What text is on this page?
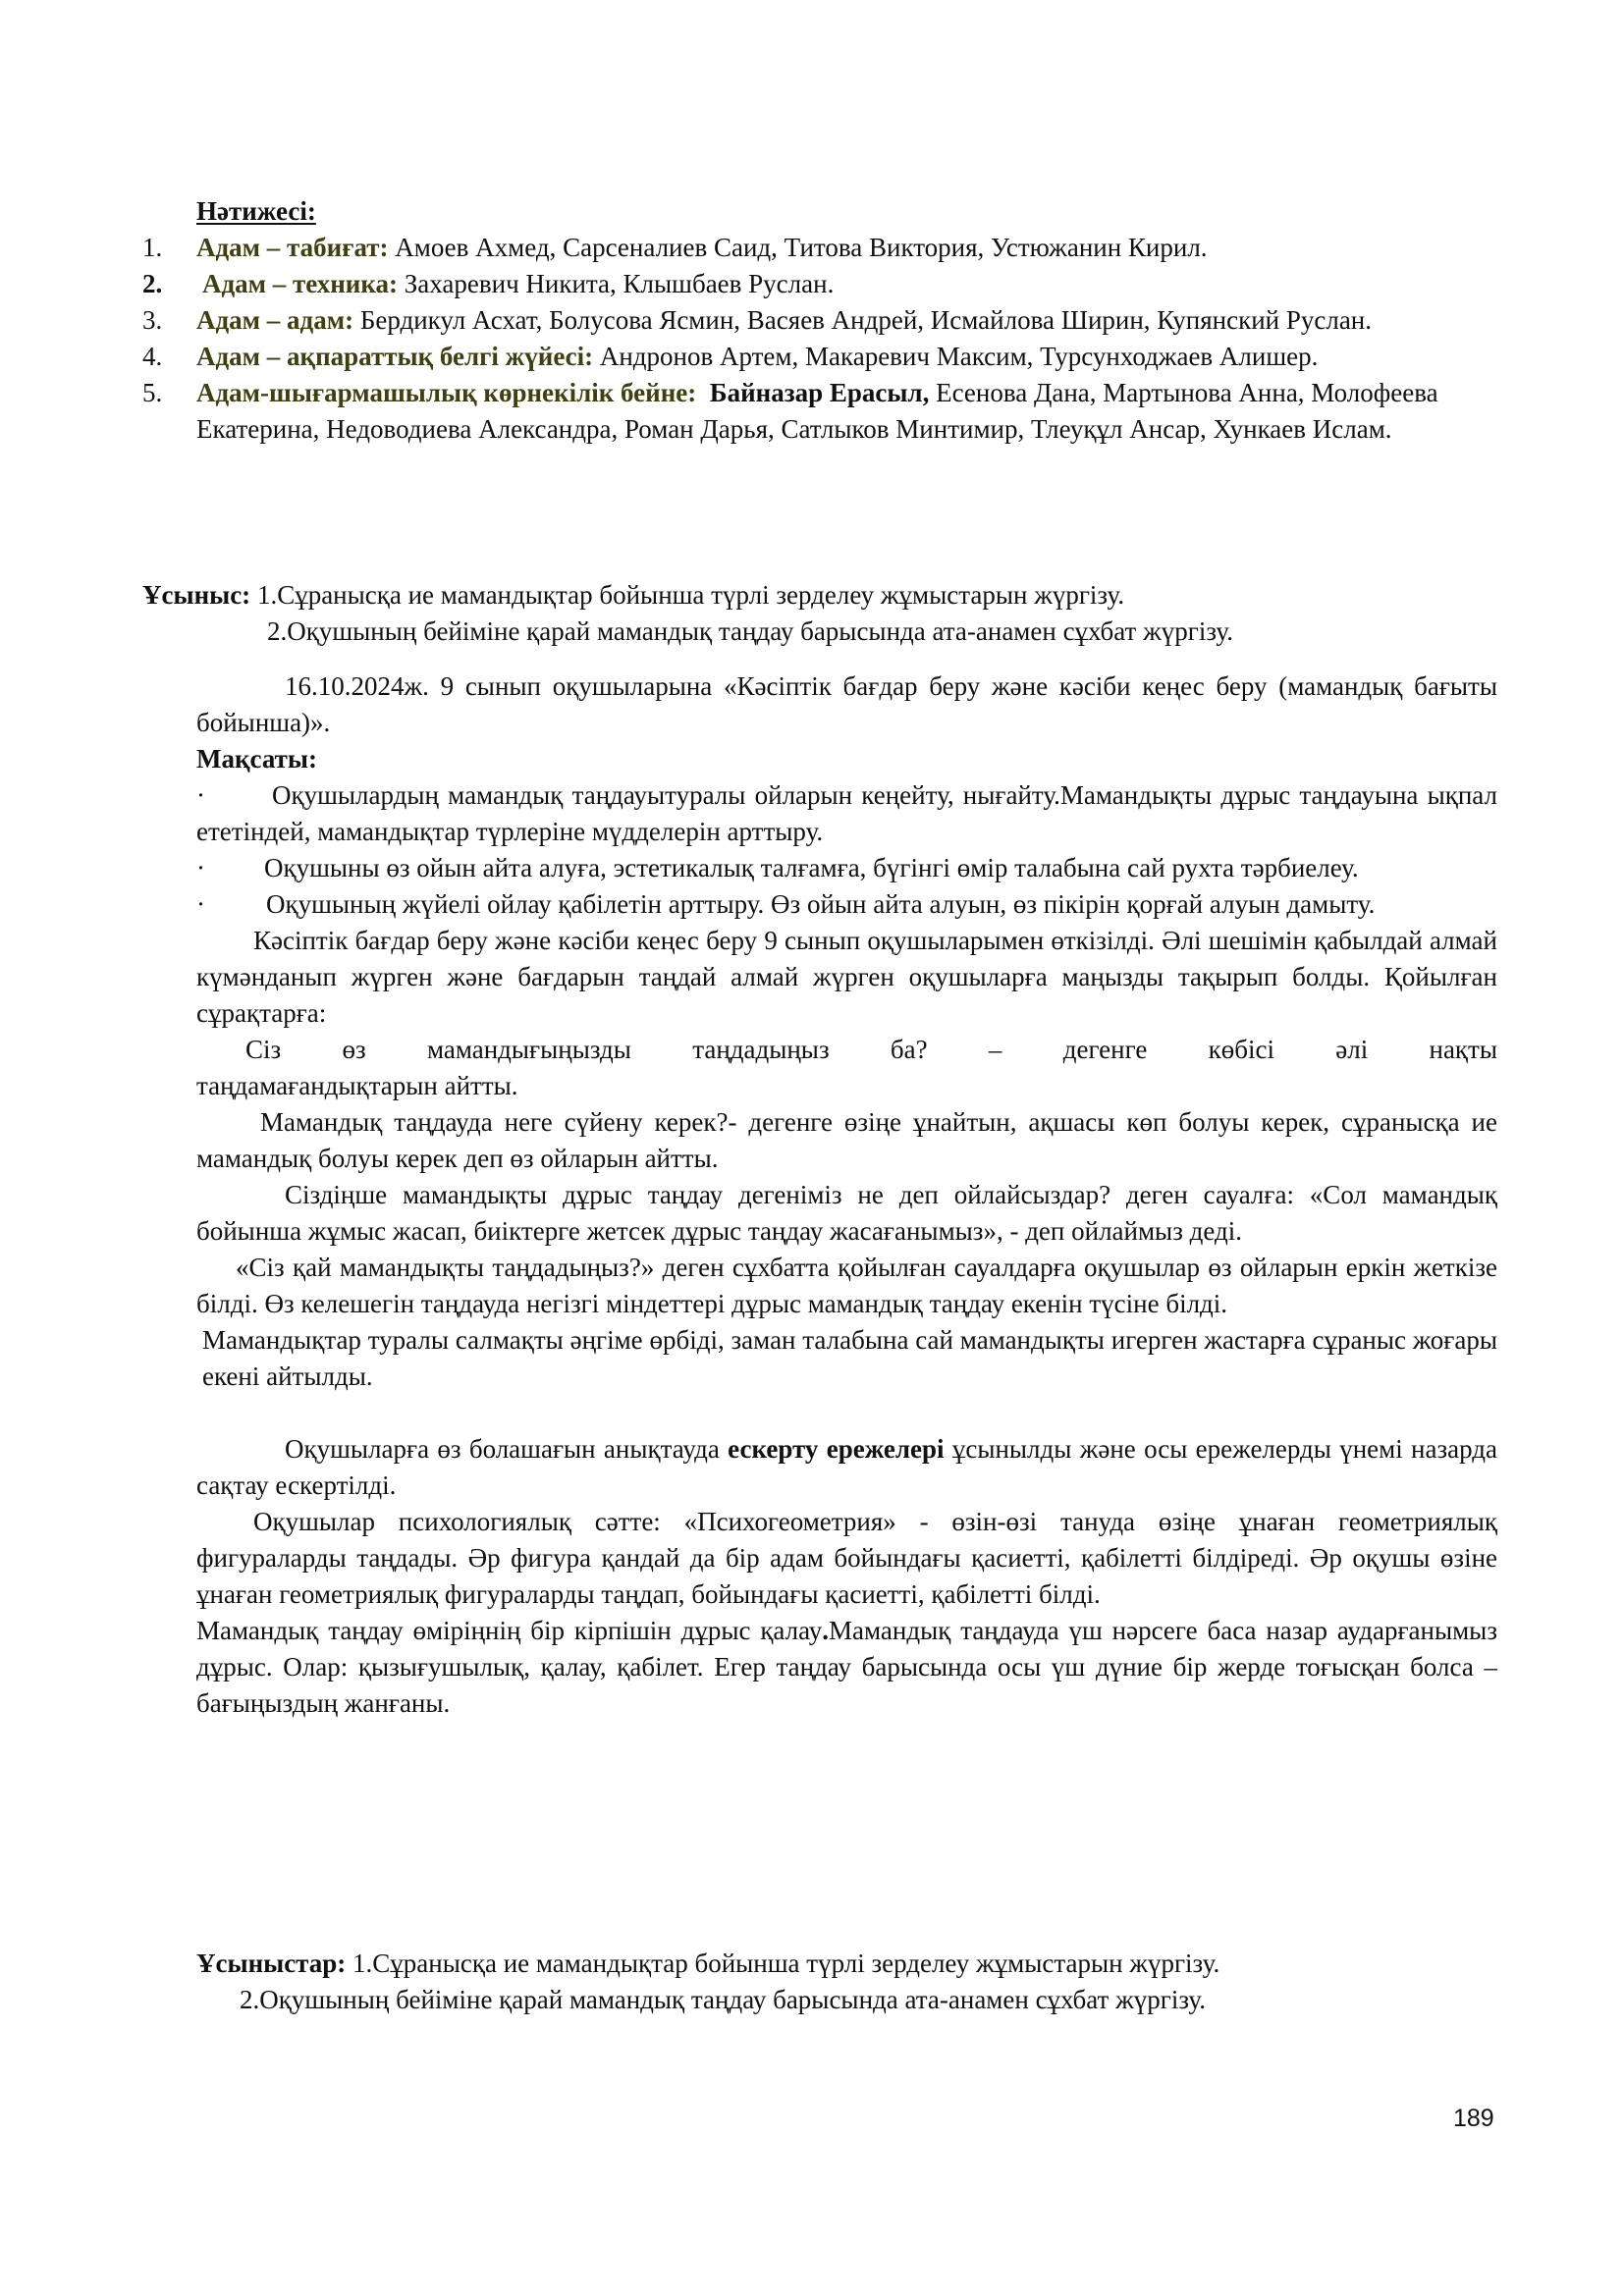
Нәтижесі:

1. Адам – табиғат: Амоев Ахмед, Сарсеналиев Саид, Титова Виктория, Устюжанин Кирил.
2. Адам – техника: Захаревич Никита, Клышбаев Руслан.
3. Адам – адам: Бердикул Асхат, Болусова Ясмин, Васяев Андрей, Исмайлова Ширин, Купянский Руслан.
4. Адам – ақпараттық белгі жүйесі: Андронов Артем, Макаревич Максим, Турсунходжаев Алишер.
5. Адам-шығармашылық көрнекілік бейне: Байназар Ерасыл, Есенова Дана, Мартынова Анна, Молофеева Екатерина, Недоводиева Александра, Роман Дарья, Сатлыков Минтимир, Тлеуқұл Ансар, Хункаев Ислам.
Ұсыныс: 1.Сұранысқа ие мамандықтар бойынша түрлі зерделеу жұмыстарын жүргізу.
2.Оқушының бейіміне қарай мамандық таңдау барысында ата-анамен сұхбат жүргізу.

16.10.2024ж. 9 сынып оқушыларына «Кәсіптік бағдар беру және кәсіби кеңес беру (мамандық бағыты бойынша)».

Мақсаты:

·	Оқушылардың мамандық таңдауытуралы ойларын кеңейту, нығайту.Мамандықты дұрыс таңдауына ықпал ететіндей, мамандықтар түрлеріне мүдделерін арттыру.

· Оқушыны өз ойын айта алуға, эстетикалық талғамға, бүгінгі өмір талабына сай рухта тәрбиелеу.

· Оқушының жүйелі ойлау қабілетін арттыру. Өз ойын айта алуын, өз пікірін қорғай алуын дамыту.

Кәсіптік бағдар беру және кәсіби кеңес беру 9 сынып оқушыларымен өткізілді. Әлі шешімін қабылдай алмай күмәнданып жүрген және бағдарын таңдай алмай жүрген оқушыларға маңызды тақырып болды. Қойылған сұрақтарға:

Сіз өз мамандығыңызды таңдадыңыз ба? – дегенге көбісі әлі нақты

таңдамағандықтарын айтты.

Мамандық таңдауда неге сүйену керек?- дегенге өзіңе ұнайтын, ақшасы көп болуы керек, сұранысқа ие мамандық болуы керек деп өз ойларын айтты.

Сіздіңше мамандықты дұрыс таңдау дегеніміз не деп ойлайсыздар? деген сауалға: «Сол мамандық бойынша жұмыс жасап, биіктерге жетсек дұрыс таңдау жасағанымыз», - деп ойлаймыз деді.

«Сіз қай мамандықты таңдадыңыз?» деген сұхбатта қойылған сауалдарға оқушылар өз ойларын еркін жеткізе білді. Өз келешегін таңдауда негізгі міндеттері дұрыс мамандық таңдау екенін түсіне білді.

Мамандықтар туралы салмақты әңгіме өрбіді, заман талабына сай мамандықты игерген жастарға сұраныс жоғары екені айтылды.

Оқушыларға өз болашағын анықтауда ескерту ережелері ұсынылды және осы ережелерды үнемі назарда сақтау ескертілді.

Оқушылар психологиялық сәтте: «Психогеометрия» - өзін-өзі тануда өзіңе ұнаған геометриялық фигураларды таңдады. Әр фигура қандай да бір адам бойындағы қасиетті, қабілетті білдіреді. Әр оқушы өзіне ұнаған геометриялық фигураларды таңдап, бойындағы қасиетті, қабілетті білді.

Мамандық таңдау өміріңнің бір кірпішін дұрыс қалау.Мамандық таңдауда үш нәрсеге баса назар аударғанымыз дұрыс. Олар: қызығушылық, қалау, қабілет. Егер таңдау барысында осы үш дүние бір жерде тоғысқан болса – бағыңыздың жанғаны.

Ұсыныстар: 1.Сұранысқа ие мамандықтар бойынша түрлі зерделеу жұмыстарын жүргізу.

2.Оқушының бейіміне қарай мамандық таңдау барысында ата-анамен сұхбат жүргізу.

189
